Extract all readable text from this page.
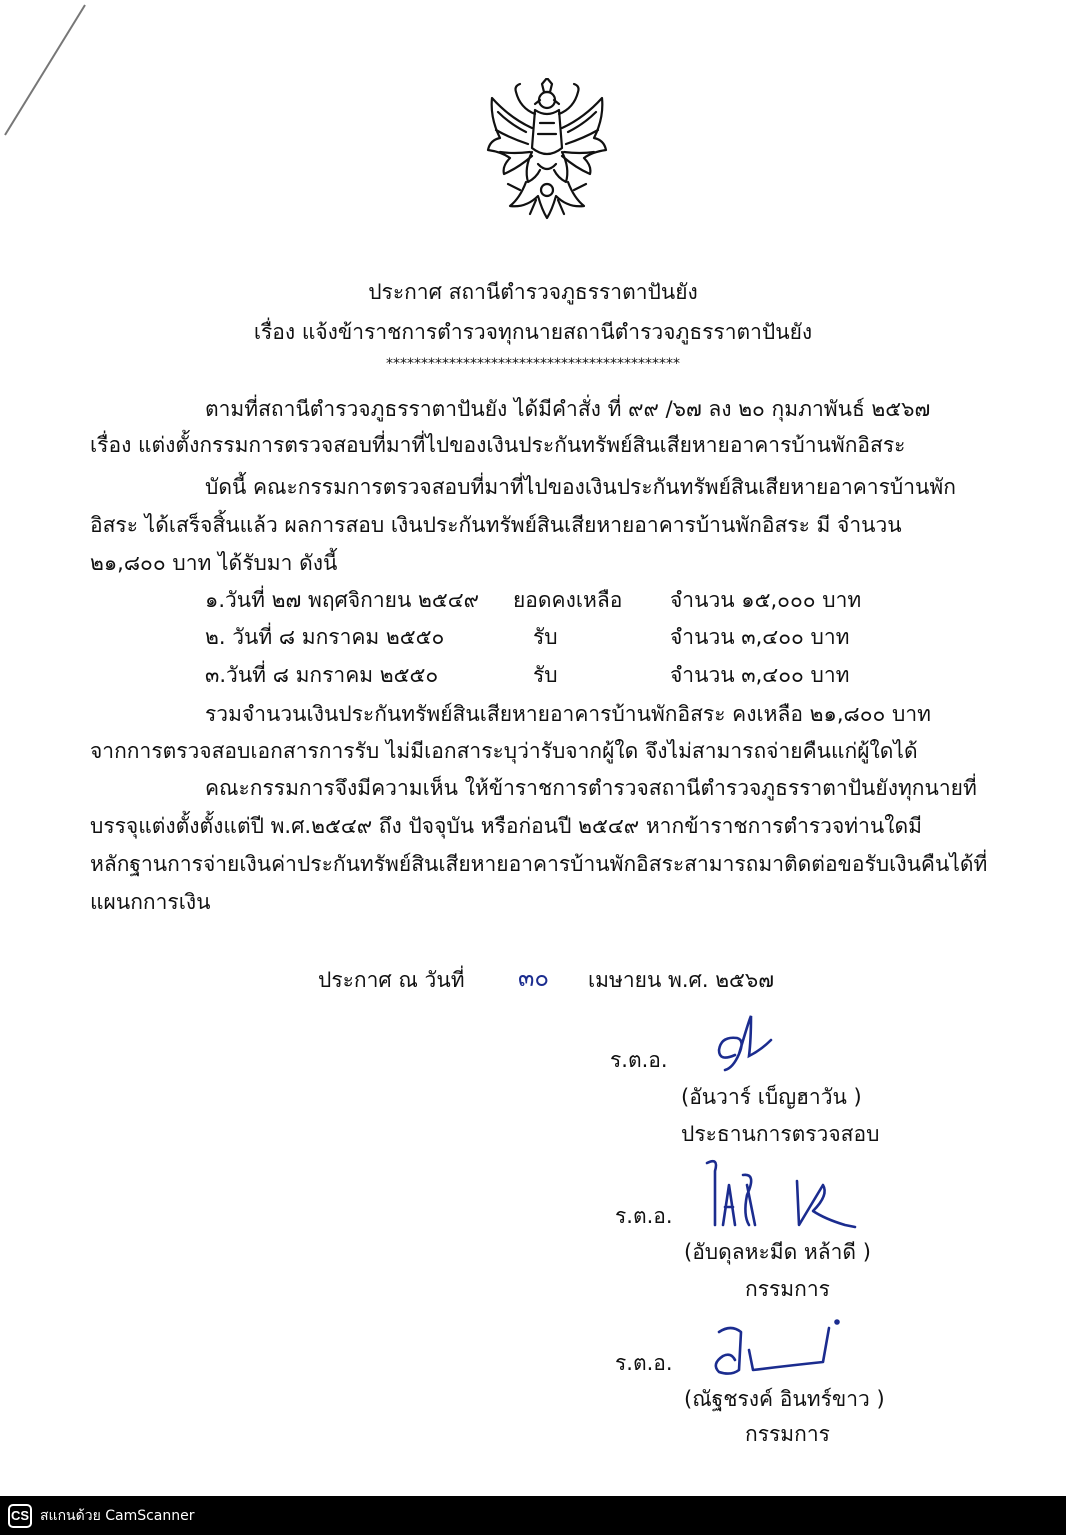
ประกาศ สถานีตำรวจภูธรราตาปันยัง
เรื่อง แจ้งข้าราชการตำรวจทุกนายสถานีตำรวจภูธรราตาปันยัง
******************************************
ตามที่สถานีตำรวจภูธรราตาปันยัง ได้มีคำสั่ง ที่ ๙๙ /๖๗ ลง ๒๐ กุมภาพันธ์ ๒๕๖๗
เรื่อง แต่งตั้งกรรมการตรวจสอบที่มาที่ไปของเงินประกันทรัพย์สินเสียหายอาคารบ้านพักอิสระ
บัดนี้ คณะกรรมการตรวจสอบที่มาที่ไปของเงินประกันทรัพย์สินเสียหายอาคารบ้านพัก
อิสระ ได้เสร็จสิ้นแล้ว ผลการสอบ เงินประกันทรัพย์สินเสียหายอาคารบ้านพักอิสระ มี จำนวน
๒๑,๘๐๐ บาท ได้รับมา ดังนี้
๑.วันที่ ๒๗ พฤศจิกายน ๒๕๔๙ ยอดคงเหลือ จำนวน ๑๕,๐๐๐ บาท
๒. วันที่ ๘ มกราคม ๒๕๕๐	รับ	จำนวน ๓,๔๐๐ บาท
๓.วันที่ ๘ มกราคม ๒๕๕๐	รับ	จำนวน ๓,๔๐๐ บาท
รวมจำนวนเงินประกันทรัพย์สินเสียหายอาคารบ้านพักอิสระ คงเหลือ ๒๑,๘๐๐ บาท
จากการตรวจสอบเอกสารการรับ ไม่มีเอกสาระบุว่ารับจากผู้ใด จึงไม่สามารถจ่ายคืนแก่ผู้ใดได้
คณะกรรมการจึงมีความเห็น ให้ข้าราชการตำรวจสถานีตำรวจภูธรราตาปันยังทุกนายที่
บรรจุแต่งตั้งตั้งแต่ปี พ.ศ.๒๕๔๙ ถึง ปัจจุบัน หรือก่อนปี ๒๕๔๙ หากข้าราชการตำรวจท่านใดมี
หลักฐานการจ่ายเงินค่าประกันทรัพย์สินเสียหายอาคารบ้านพักอิสระสามารถมาติดต่อขอรับเงินคืนได้ที่
แผนกการเงิน
ประกาศ ณ วันที่ ๓๐ เมษายน พ.ศ. ๒๕๖๗
ร.ต.อ.
(อันวาร์ เบ็ญฮาวัน )
ประธานการตรวจสอบ
ร.ต.อ.
(อับดุลหะมีด หล้าดี )
กรรมการ
ร.ต.อ.
(ณัฐชรงค์ อินทร์ขาว )
กรรมการ
CS สแกนด้วย CamScanner
